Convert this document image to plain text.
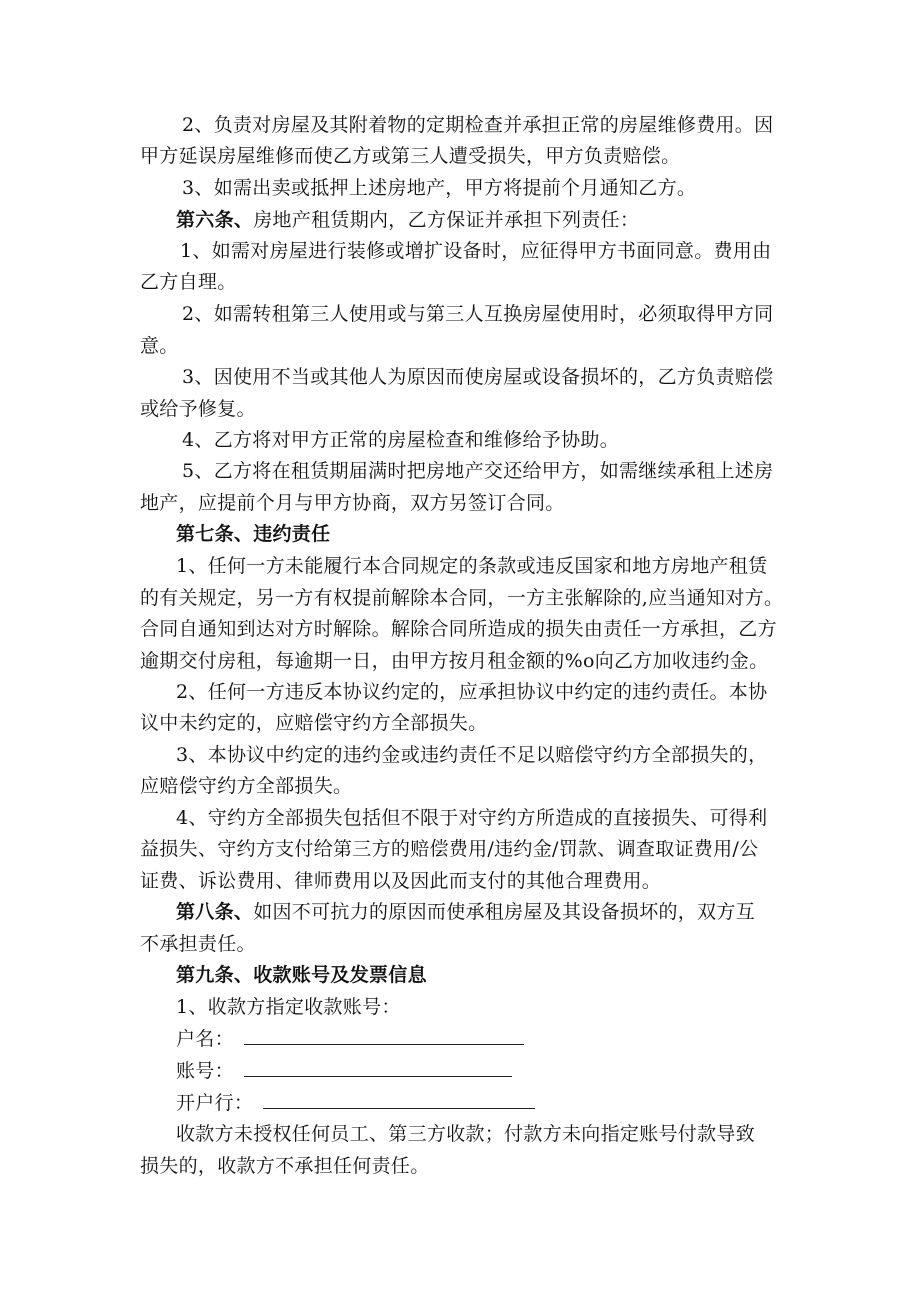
2、负责对房屋及其附着物的定期检查并承担正常的房屋维修费用。因
甲方延误房屋维修而使乙方或第三人遭受损失，甲方负责赔偿。
3、如需出卖或抵押上述房地产，甲方将提前个月通知乙方。
第六条、房地产租赁期内，乙方保证并承担下列责任：
1、如需对房屋进行装修或增扩设备时，应征得甲方书面同意。费用由
乙方自理。
2、如需转租第三人使用或与第三人互换房屋使用时，必须取得甲方同
意。
3、因使用不当或其他人为原因而使房屋或设备损坏的，乙方负责赔偿
或给予修复。
4、乙方将对甲方正常的房屋检查和维修给予协助。
5、乙方将在租赁期届满时把房地产交还给甲方，如需继续承租上述房
地产，应提前个月与甲方协商，双方另签订合同。
第七条、违约责任
1、任何一方未能履行本合同规定的条款或违反国家和地方房地产租赁
的有关规定，另一方有权提前解除本合同，一方主张解除的,应当通知对方。
合同自通知到达对方时解除。解除合同所造成的损失由责任一方承担，乙方
逾期交付房租，每逾期一日，由甲方按月租金额的%o向乙方加收违约金。
2、任何一方违反本协议约定的，应承担协议中约定的违约责任。本协
议中未约定的，应赔偿守约方全部损失。
3、本协议中约定的违约金或违约责任不足以赔偿守约方全部损失的，
应赔偿守约方全部损失。
4、守约方全部损失包括但不限于对守约方所造成的直接损失、可得利
益损失、守约方支付给第三方的赔偿费用/违约金/罚款、调查取证费用/公
证费、诉讼费用、律师费用以及因此而支付的其他合理费用。
第八条、如因不可抗力的原因而使承租房屋及其设备损坏的，双方互
不承担责任。
第九条、收款账号及发票信息
1、收款方指定收款账号：
户名：
账号：
开户行：
收款方未授权任何员工、第三方收款；付款方未向指定账号付款导致
损失的，收款方不承担任何责任。
